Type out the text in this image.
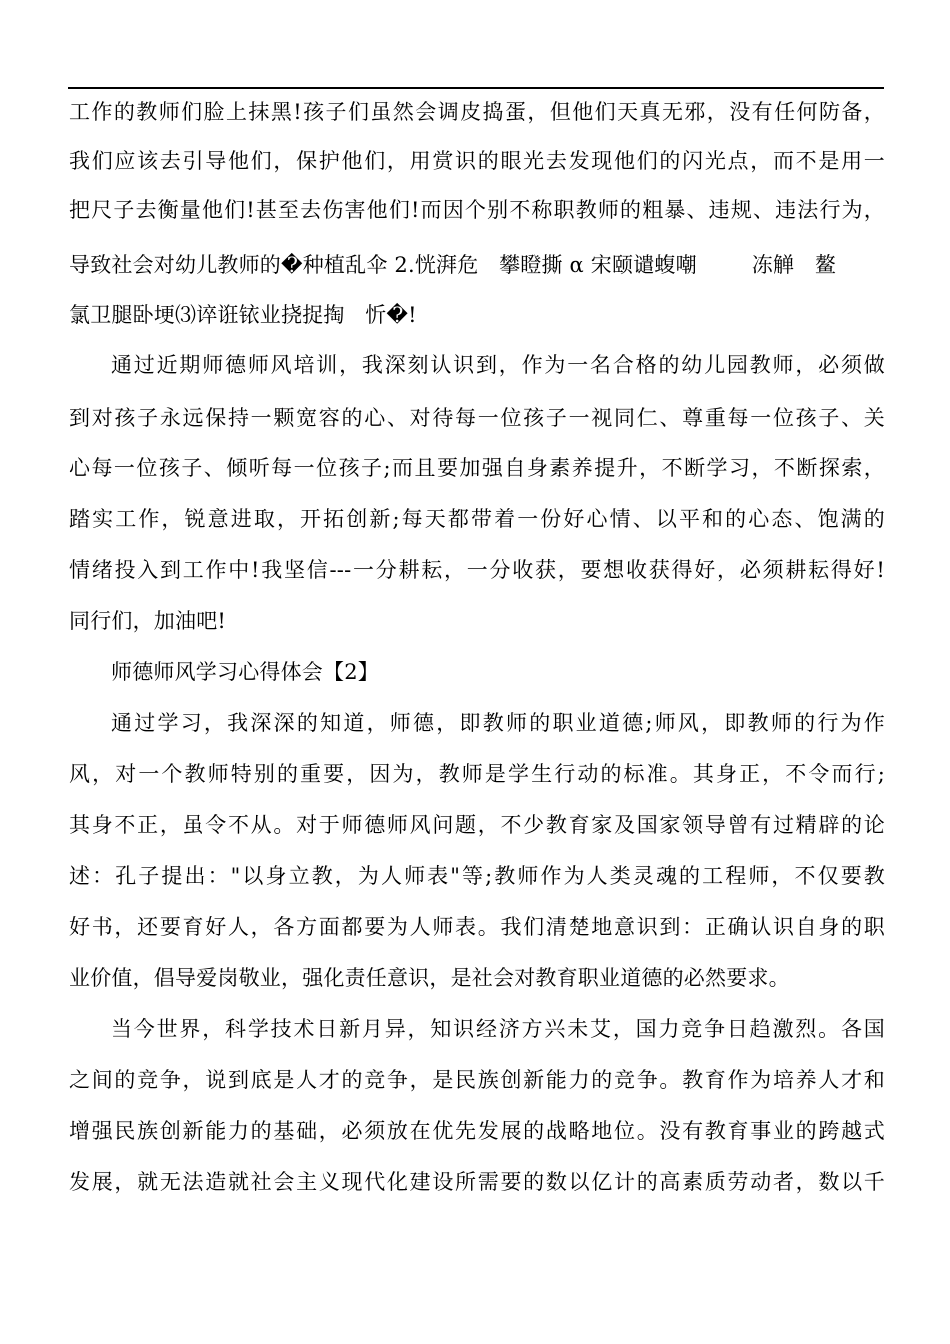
工作的教师们脸上抹黑!孩子们虽然会调皮捣蛋，但他们天真无邪，没有任何防备，
我们应该去引导他们，保护他们，用赏识的眼光去发现他们的闪光点，而不是用一
把尺子去衡量他们!甚至去伤害他们!而因个别不称职教师的粗暴、违规、违法行为，
导致社会对幼儿教师的�种植乱伞 2.恍湃危   攀瞪撕 α 宋颐谴蝮嘲        冻觯   鳌
氯卫腿卧埂⑶谇诳铱业挠捉掏   忻�!
通过近期师德师风培训，我深刻认识到，作为一名合格的幼儿园教师，必须做
到对孩子永远保持一颗宽容的心、对待每一位孩子一视同仁、尊重每一位孩子、关
心每一位孩子、倾听每一位孩子;而且要加强自身素养提升，不断学习，不断探索，
踏实工作，锐意进取，开拓创新;每天都带着一份好心情、以平和的心态、饱满的
情绪投入到工作中!我坚信---一分耕耘，一分收获，要想收获得好，必须耕耘得好!
同行们，加油吧!
师德师风学习心得体会【2】
通过学习，我深深的知道，师德，即教师的职业道德;师风，即教师的行为作
风，对一个教师特别的重要，因为，教师是学生行动的标准。其身正，不令而行;
其身不正，虽令不从。对于师德师风问题，不少教育家及国家领导曾有过精辟的论
述：孔子提出："以身立教，为人师表"等;教师作为人类灵魂的工程师，不仅要教
好书，还要育好人，各方面都要为人师表。我们清楚地意识到：正确认识自身的职
业价值，倡导爱岗敬业，强化责任意识，是社会对教育职业道德的必然要求。
当今世界，科学技术日新月异，知识经济方兴未艾，国力竞争日趋激烈。各国
之间的竞争，说到底是人才的竞争，是民族创新能力的竞争。教育作为培养人才和
增强民族创新能力的基础，必须放在优先发展的战略地位。没有教育事业的跨越式
发展，就无法造就社会主义现代化建设所需要的数以亿计的高素质劳动者，数以千
